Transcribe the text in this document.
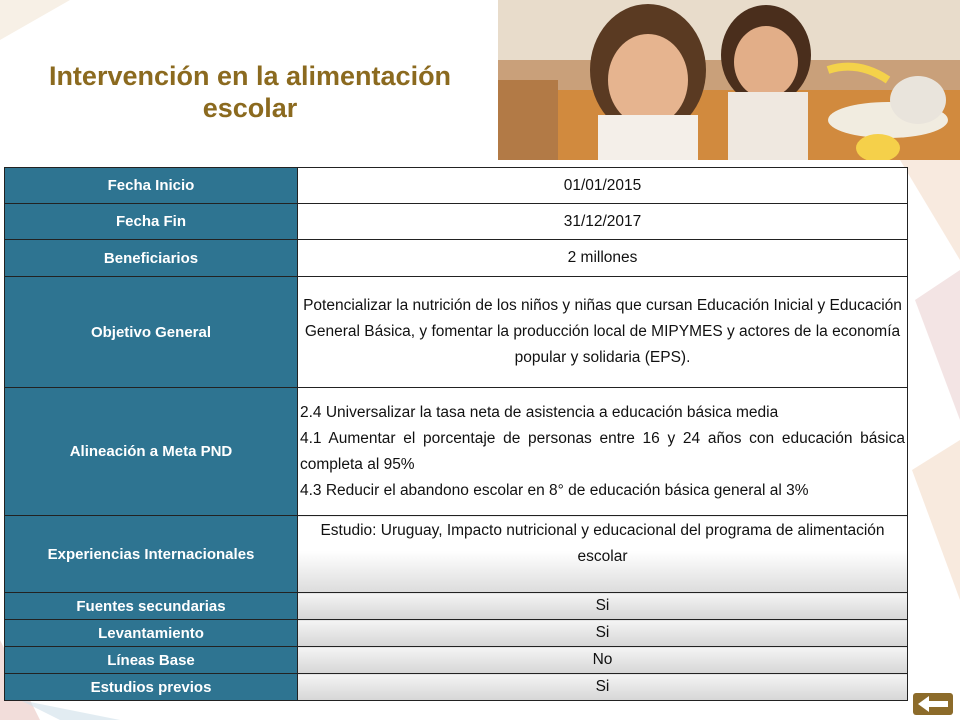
Intervención en la alimentación
escolar
Fecha Inicio	01/01/2015
Fecha Fin	31/12/2017
Beneficiarios	2 millones
Objetivo General	Potencializar la nutrición de los niños y niñas que cursan Educación Inicial y Educación General Básica, y fomentar la producción local de MIPYMES y actores de la economía popular y solidaria (EPS).
Alineación a Meta PND	2.4 Universalizar la tasa neta de asistencia a educación básica media
4.1 Aumentar el porcentaje de personas entre 16 y 24 años con educación básica completa al 95%
4.3 Reducir el abandono escolar en 8° de educación básica general al 3%

Experiencias Internacionales	Estudio: Uruguay, Impacto nutricional y educacional del programa de alimentación escolar
Fuentes secundarias	Si
Levantamiento	Si
Líneas Base	No
Estudios previos	Si
